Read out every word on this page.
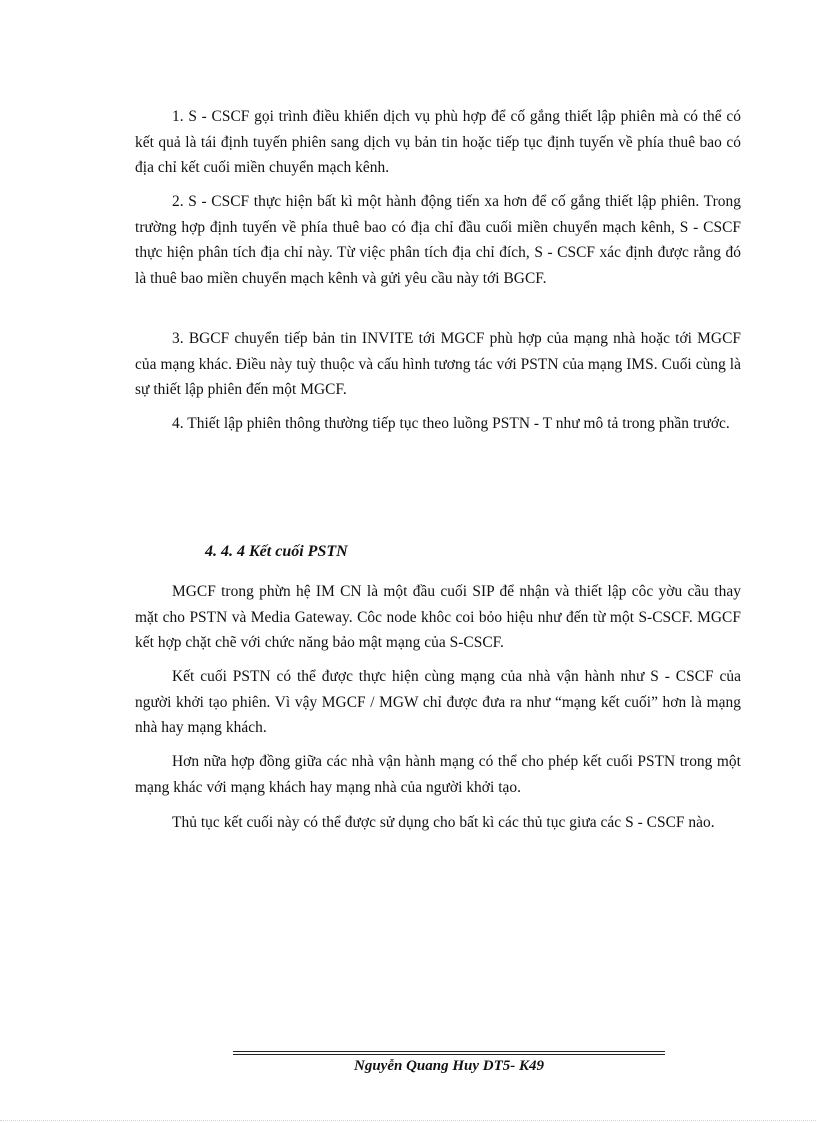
1. S - CSCF gọi trình điều khiển dịch vụ phù hợp để cố gắng thiết lập phiên mà có thể có kết quả là tái định tuyến phiên sang dịch vụ bản tin hoặc tiếp tục định tuyến về phía thuê bao có địa chỉ kết cuối miền chuyển mạch kênh.

2. S - CSCF thực hiện bất kì một hành động tiến xa hơn để cố gắng thiết lập phiên. Trong trường hợp định tuyến về phía thuê bao có địa chỉ đầu cuối miền chuyển mạch kênh, S - CSCF thực hiện phân tích địa chỉ này. Từ việc phân tích địa chỉ đích, S - CSCF xác định được rằng đó là thuê bao miền chuyển mạch kênh và gửi yêu cầu này tới BGCF.

3. BGCF chuyển tiếp bản tin INVITE tới MGCF phù hợp của mạng nhà hoặc tới MGCF của mạng khác. Điều này tuỳ thuộc và cấu hình tương tác với PSTN của mạng IMS. Cuối cùng là sự thiết lập phiên đến một MGCF.

4. Thiết lập phiên thông thường tiếp tục theo luồng PSTN - T như mô tả trong phần trước.

4. 4. 4 Kết cuối PSTN

MGCF trong phừn hệ IM CN là một đầu cuối SIP để nhận và thiết lập côc yờu cầu thay mặt cho PSTN và Media Gateway. Côc node khôc coi bỏo hiệu như đến từ một S-CSCF. MGCF kết hợp chặt chẽ với chức năng bảo mật mạng của S-CSCF.

Kết cuối PSTN có thể được thực hiện cùng mạng của nhà vận hành như S - CSCF của người khởi tạo phiên. Vì vậy MGCF / MGW chỉ được đưa ra như “mạng kết cuối” hơn là mạng nhà hay mạng khách.

Hơn nữa hợp đồng giữa các nhà vận hành mạng có thể cho phép kết cuối PSTN trong một mạng khác với mạng khách hay mạng nhà của người khởi tạo.

Thủ tục kết cuối này có thể được sử dụng cho bất kì các thủ tục giưa các S - CSCF nào.

Nguyễn Quang Huy DT5- K49
